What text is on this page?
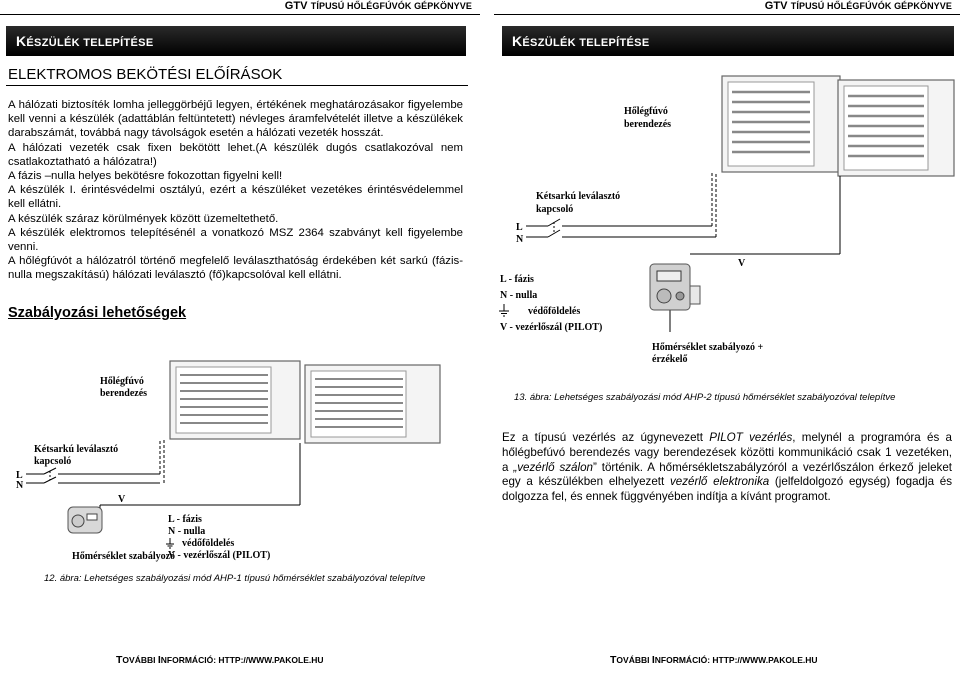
GTV TÍPUSÚ HŐLÉGFÚVÓK GÉPKÖNYVE
KÉSZÜLÉK TELEPÍTÉSE
ELEKTROMOS BEKÖTÉSI ELŐÍRÁSOK

A hálózati biztosíték lomha jelleggörbéjű legyen, értékének meghatározásakor figyelembe kell venni a készülék (adattáblán feltüntetett) névleges áramfelvételét illetve a készülékek darabszámát, továbbá nagy távolságok esetén a hálózati vezeték hosszát.

A hálózati vezeték csak fixen bekötött lehet.(A készülék dugós csatlakozóval nem csatlakoztatható a hálózatra!)

A fázis –nulla helyes bekötésre fokozottan figyelni kell!

A készülék I. érintésvédelmi osztályú, ezért a készüléket vezetékes érintésvédelemmel kell ellátni.

A készülék száraz körülmények között üzemeltethető.

A készülék elektromos telepítésénél a vonatkozó MSZ 2364 szabványt kell figyelembe venni.

A hőlégfúvót a hálózatról történő megfelelő leválaszthatóság érdekében két sarkú (fázis-nulla megszakítású) hálózati leválasztó (fő)kapcsolóval kell ellátni.

Szabályozási lehetőségek
Hőlégfúvó
berendezés
Kétsarkú leválasztó
kapcsoló
L
N
V
Hőmérséklet szabályozó
L - fázis
N - nulla
védőföldelés
V - vezérlőszál (PILOT)
12. ábra: Lehetséges szabályozási mód AHP-1 típusú hőmérséklet szabályozóval telepítve
TOVÁBBI INFORMÁCIÓ: HTTP://WWW.PAKOLE.HU
GTV TÍPUSÚ HŐLÉGFÚVÓK GÉPKÖNYVE
KÉSZÜLÉK TELEPÍTÉSE
Hőlégfúvó
berendezés
Kétsarkú leválasztó
kapcsoló
L
N
V
L - fázis
N - nulla
védőföldelés
V - vezérlőszál (PILOT)
Hőmérséklet szabályozó +
érzékelő
13. ábra: Lehetséges szabályozási mód AHP-2 típusú hőmérséklet szabályozóval telepítve
Ez a típusú vezérlés az úgynevezett PILOT vezérlés, melynél a programóra és a hőlégbefúvó berendezés vagy berendezések közötti kommunikáció csak 1 vezetéken, a „vezérlő szálon” történik. A hőmérsékletszabályzóról a vezérlőszálon érkező jeleket egy a készülékben elhelyezett vezérlő elektronika (jelfeldolgozó egység) fogadja és dolgozza fel, és ennek függvényében indítja a kívánt programot.
TOVÁBBI INFORMÁCIÓ: HTTP://WWW.PAKOLE.HU
